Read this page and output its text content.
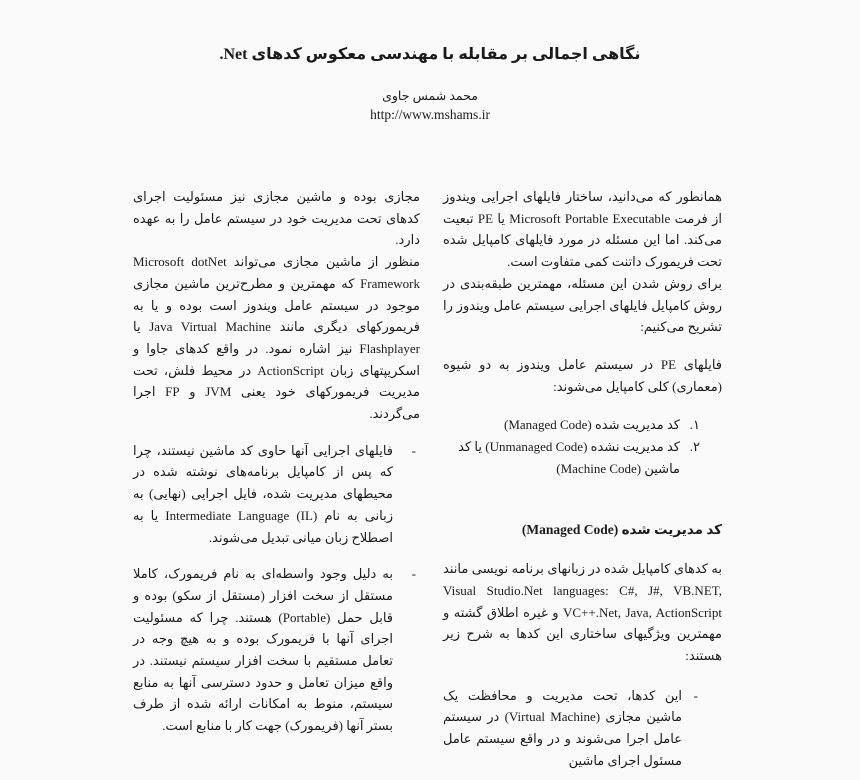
نگاهی اجمالی بر مقابله با مهندسی معکوس کدهای Net.
محمد شمس جاوی
http://www.mshams.ir

همانطور که می‌دانید، ساختار فایلهای اجرایی ویندوز از فرمت Microsoft Portable Executable یا PE تبعیت می‌کند. اما این مسئله در مورد فایلهای کامپایل شده تحت فریمورک داتنت کمی متفاوت است.

برای روش شدن این مسئله، مهمترین طبقه‌بندی در روش کامپایل فایلهای اجرایی سیستم عامل ویندوز را تشریح می‌کنیم:

فایلهای PE در سیستم عامل ویندوز به دو شیوه (معماری) کلی کامپایل می‌شوند:

۱.
کد مدیریت شده (Managed Code)
۲.
کد مدیریت نشده (Unmanaged Code) یا کد ماشین (Machine Code)
کد مدیریت شده (Managed Code)

به کدهای کامپایل شده در زبانهای برنامه نویسی مانند Visual Studio.Net languages: C#, J#, VB.NET, VC++.Net, Java, ActionScript و غیره اطلاق گشته و مهمترین ویژگیهای ساختاری این کدها به شرح زیر هستند:

-
این کدها، تحت مدیریت و محافظت یک ماشین مجازی (Virtual Machine) در سیستم عامل اجرا می‌شوند و در واقع سیستم عامل مسئول اجرای ماشین

مجازی بوده و ماشین مجازی نیز مسئولیت اجرای کدهای تحت مدیریت خود در سیستم عامل را به عهده دارد.

منظور از ماشین مجازی می‌تواند Microsoft dotNet Framework که مهمترین و مطرح‌ترین ماشین مجازی موجود در سیستم عامل ویندوز است بوده و یا به فریمورکهای دیگری مانند Java Virtual Machine یا Flashplayer نیز اشاره نمود. در واقع کدهای جاوا و اسکریپتهای زبان ActionScript در محیط فلش، تحت مدیریت فریمورکهای خود یعنی JVM و FP اجرا می‌گردند.

-
فایلهای اجرایی آنها حاوی کد ماشین نیستند، چرا که پس از کامپایل برنامه‌های نوشته شده در محیطهای مدیریت شده، فایل اجرایی (نهایی) به زبانی به نام Intermediate Language (IL) یا به اصطلاح زبان میانی تبدیل می‌شوند.
-
به دلیل وجود واسطه‌ای به نام فریمورک، کاملا مستقل از سخت افزار (مستقل از سکو) بوده و قابل حمل (Portable) هستند. چرا که مسئولیت اجرای آنها با فریمورک بوده و به هیچ وجه در تعامل مستقیم با سخت افزار سیستم نیستند. در واقع میزان تعامل و حدود دسترسی آنها به منابع سیستم، منوط به امکانات ارائه شده از طرف بستر آنها (فریمورک) جهت کار با منابع است.
